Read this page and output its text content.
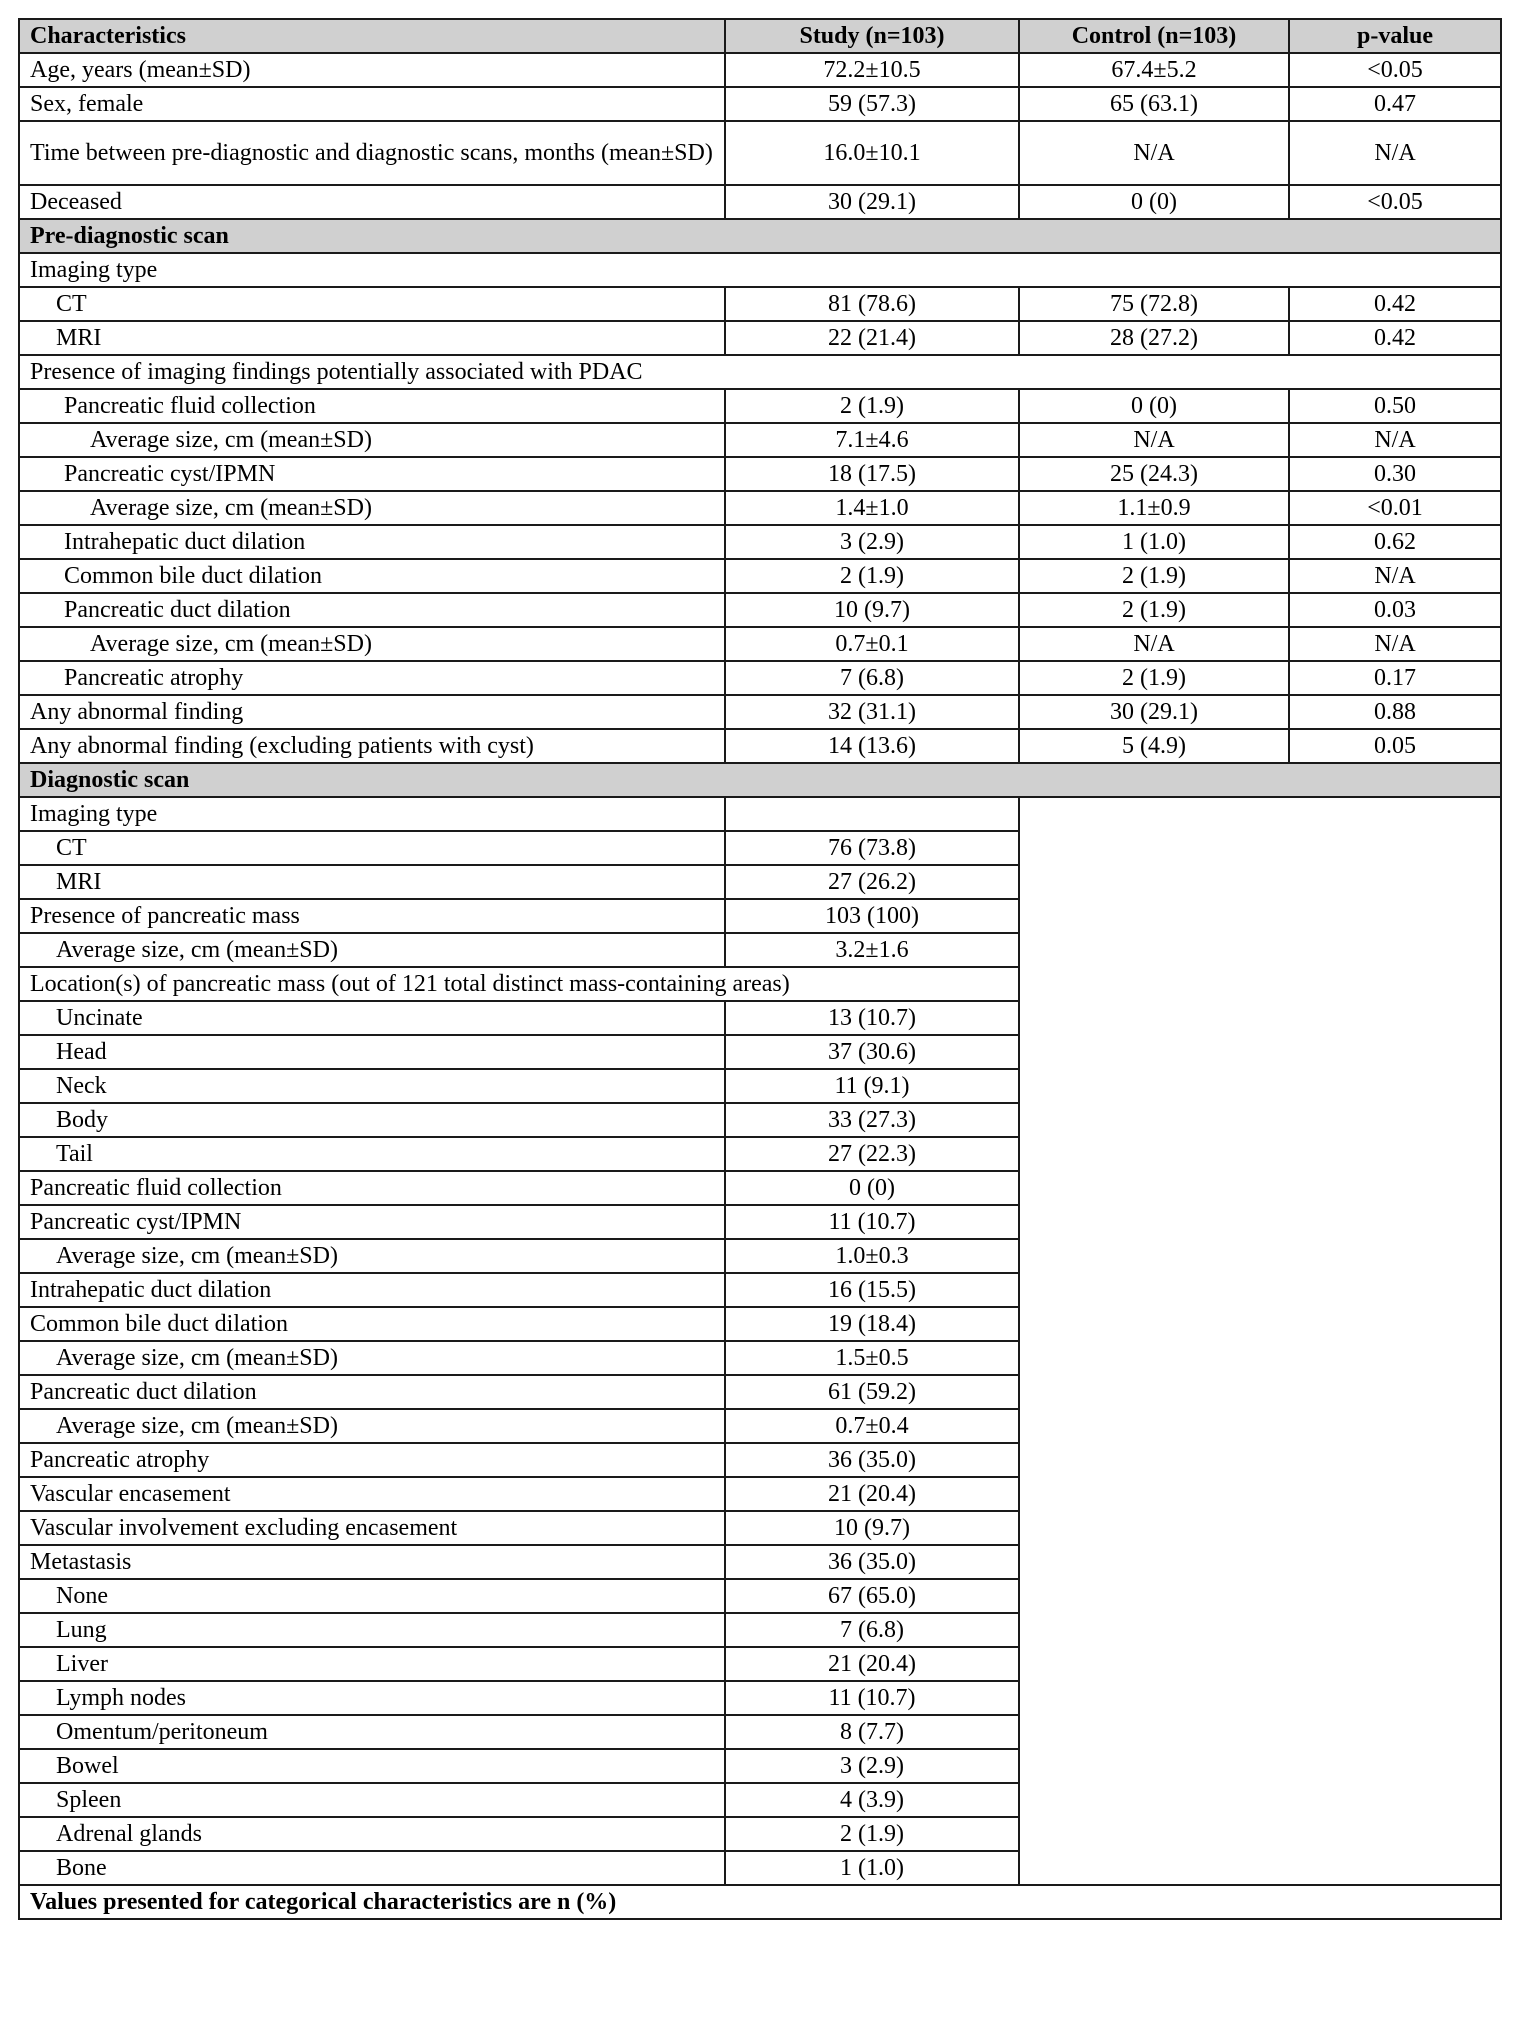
Characteristics	Study (n=103)	Control (n=103)	p-value
Age, years (mean±SD)	72.2±10.5	67.4±5.2	<0.05
Sex, female	59 (57.3)	65 (63.1)	0.47
Time between pre-diagnostic and diagnostic scans, months (mean±SD)	16.0±10.1	N/A	N/A
Deceased	30 (29.1)	0 (0)	<0.05
Pre-diagnostic scan			
Imaging type			
CT	81 (78.6)	75 (72.8)	0.42
MRI	22 (21.4)	28 (27.2)	0.42
Presence of imaging findings potentially associated with PDAC			
Pancreatic fluid collection	2 (1.9)	0 (0)	0.50
Average size, cm (mean±SD)	7.1±4.6	N/A	N/A
Pancreatic cyst/IPMN	18 (17.5)	25 (24.3)	0.30
Average size, cm (mean±SD)	1.4±1.0	1.1±0.9	<0.01
Intrahepatic duct dilation	3 (2.9)	1 (1.0)	0.62
Common bile duct dilation	2 (1.9)	2 (1.9)	N/A
Pancreatic duct dilation	10 (9.7)	2 (1.9)	0.03
Average size, cm (mean±SD)	0.7±0.1	N/A	N/A
Pancreatic atrophy	7 (6.8)	2 (1.9)	0.17
Any abnormal finding	32 (31.1)	30 (29.1)	0.88
Any abnormal finding (excluding patients with cyst)	14 (13.6)	5 (4.9)	0.05
Diagnostic scan			
Imaging type			
CT	76 (73.8)		
MRI	27 (26.2)		
Presence of pancreatic mass	103 (100)		
Average size, cm (mean±SD)	3.2±1.6		
Location(s) of pancreatic mass (out of 121 total distinct mass-containing areas)			
Uncinate	13 (10.7)		
Head	37 (30.6)		
Neck	11 (9.1)		
Body	33 (27.3)		
Tail	27 (22.3)		
Pancreatic fluid collection	0 (0)		
Pancreatic cyst/IPMN	11 (10.7)		
Average size, cm (mean±SD)	1.0±0.3		
Intrahepatic duct dilation	16 (15.5)		
Common bile duct dilation	19 (18.4)		
Average size, cm (mean±SD)	1.5±0.5		
Pancreatic duct dilation	61 (59.2)		
Average size, cm (mean±SD)	0.7±0.4		
Pancreatic atrophy	36 (35.0)		
Vascular encasement	21 (20.4)		
Vascular involvement excluding encasement	10 (9.7)		
Metastasis	36 (35.0)		
None	67 (65.0)		
Lung	7 (6.8)		
Liver	21 (20.4)		
Lymph nodes	11 (10.7)		
Omentum/peritoneum	8 (7.7)		
Bowel	3 (2.9)		
Spleen	4 (3.9)		
Adrenal glands	2 (1.9)		
Bone	1 (1.0)		
Values presented for categorical characteristics are n (%)			
